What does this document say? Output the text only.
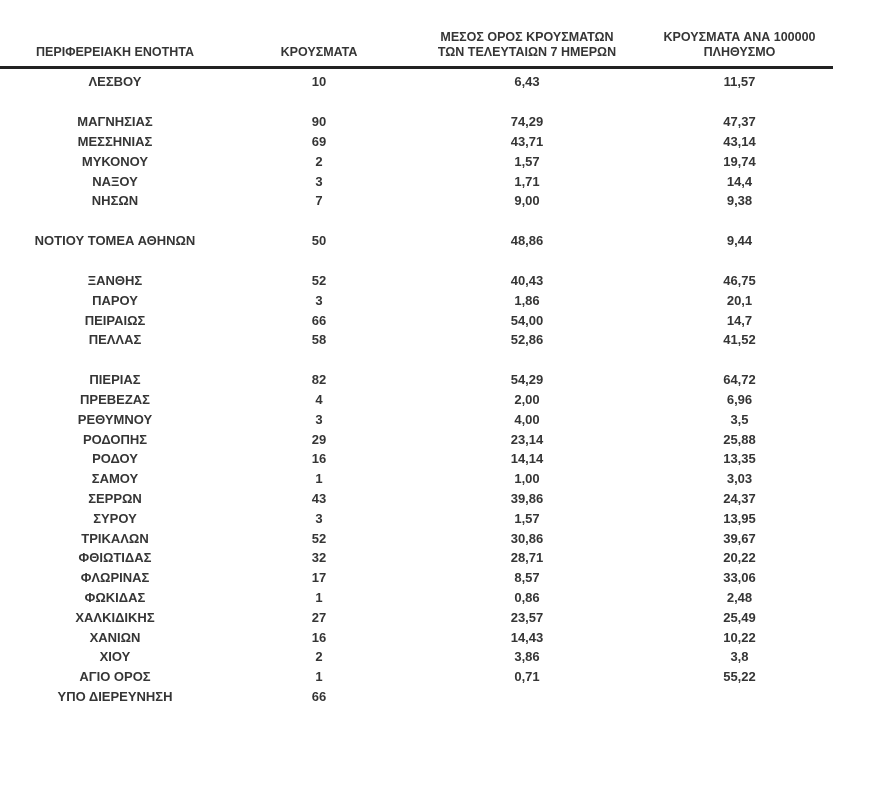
ΠΕΡΙΦΕΡΕΙΑΚΗ ΕΝΟΤΗΤΑ	ΚΡΟΥΣΜΑΤΑ	ΜΕΣΟΣ ΟΡΟΣ ΚΡΟΥΣΜΑΤΩΝ
ΤΩΝ ΤΕΛΕΥΤΑΙΩΝ 7 ΗΜΕΡΩΝ	ΚΡΟΥΣΜΑΤΑ ΑΝΑ 100000
ΠΛΗΘΥΣΜΟ
ΛΕΣΒΟΥ	10	6,43	11,57

ΜΑΓΝΗΣΙΑΣ	90	74,29	47,37
ΜΕΣΣΗΝΙΑΣ	69	43,71	43,14
ΜΥΚΟΝΟΥ	2	1,57	19,74
ΝΑΞΟΥ	3	1,71	14,4
ΝΗΣΩΝ	7	9,00	9,38

ΝΟΤΙΟΥ ΤΟΜΕΑ ΑΘΗΝΩΝ	50	48,86	9,44

ΞΑΝΘΗΣ	52	40,43	46,75
ΠΑΡΟΥ	3	1,86	20,1
ΠΕΙΡΑΙΩΣ	66	54,00	14,7
ΠΕΛΛΑΣ	58	52,86	41,52

ΠΙΕΡΙΑΣ	82	54,29	64,72
ΠΡΕΒΕΖΑΣ	4	2,00	6,96
ΡΕΘΥΜΝΟΥ	3	4,00	3,5
ΡΟΔΟΠΗΣ	29	23,14	25,88
ΡΟΔΟΥ	16	14,14	13,35
ΣΑΜΟΥ	1	1,00	3,03
ΣΕΡΡΩΝ	43	39,86	24,37
ΣΥΡΟΥ	3	1,57	13,95
ΤΡΙΚΑΛΩΝ	52	30,86	39,67
ΦΘΙΩΤΙΔΑΣ	32	28,71	20,22
ΦΛΩΡΙΝΑΣ	17	8,57	33,06
ΦΩΚΙΔΑΣ	1	0,86	2,48
ΧΑΛΚΙΔΙΚΗΣ	27	23,57	25,49
ΧΑΝΙΩΝ	16	14,43	10,22
ΧΙΟΥ	2	3,86	3,8
ΑΓΙΟ ΟΡΟΣ	1	0,71	55,22
ΥΠΟ ΔΙΕΡΕΥΝΗΣΗ	66		
